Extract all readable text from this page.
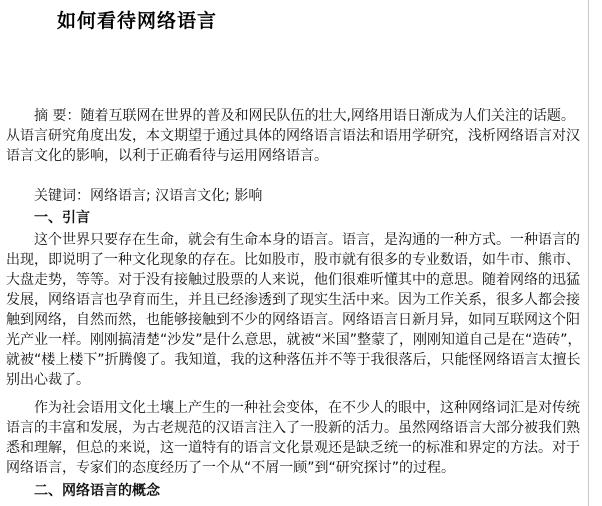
如何看待网络语言

摘 要：随着互联网在世界的普及和网民队伍的壮大,网络用语日渐成为人们关注的话题。从语言研究角度出发，本文期望于通过具体的网络语言语法和语用学研究，浅析网络语言对汉语言文化的影响，以利于正确看待与运用网络语言。

关键词：网络语言; 汉语言文化; 影响

一、引言

这个世界只要存在生命，就会有生命本身的语言。语言，是沟通的一种方式。一种语言的出现，即说明了一种文化现象的存在。比如股市，股市就有很多的专业数语，如牛市、熊市、大盘走势，等等。对于没有接触过股票的人来说，他们很难听懂其中的意思。随着网络的迅猛发展，网络语言也孕育而生，并且已经渗透到了现实生活中来。因为工作关系，很多人都会接触到网络，自然而然，也能够接触到不少的网络语言。网络语言日新月异，如同互联网这个阳光产业一样。刚刚搞清楚“沙发”是什么意思，就被“米国”整蒙了，刚刚知道自己是在“造砖”，就被“楼上楼下”折腾傻了。我知道，我的这种落伍并不等于我很落后，只能怪网络语言太擅长别出心裁了。

作为社会语用文化土壤上产生的一种社会变体，在不少人的眼中，这种网络词汇是对传统语言的丰富和发展，为古老规范的汉语言注入了一股新的活力。虽然网络语言大部分被我们熟悉和理解，但总的来说，这一道特有的语言文化景观还是缺乏统一的标准和界定的方法。对于网络语言，专家们的态度经历了一个从“不屑一顾”到“研究探讨”的过程。

二、网络语言的概念
